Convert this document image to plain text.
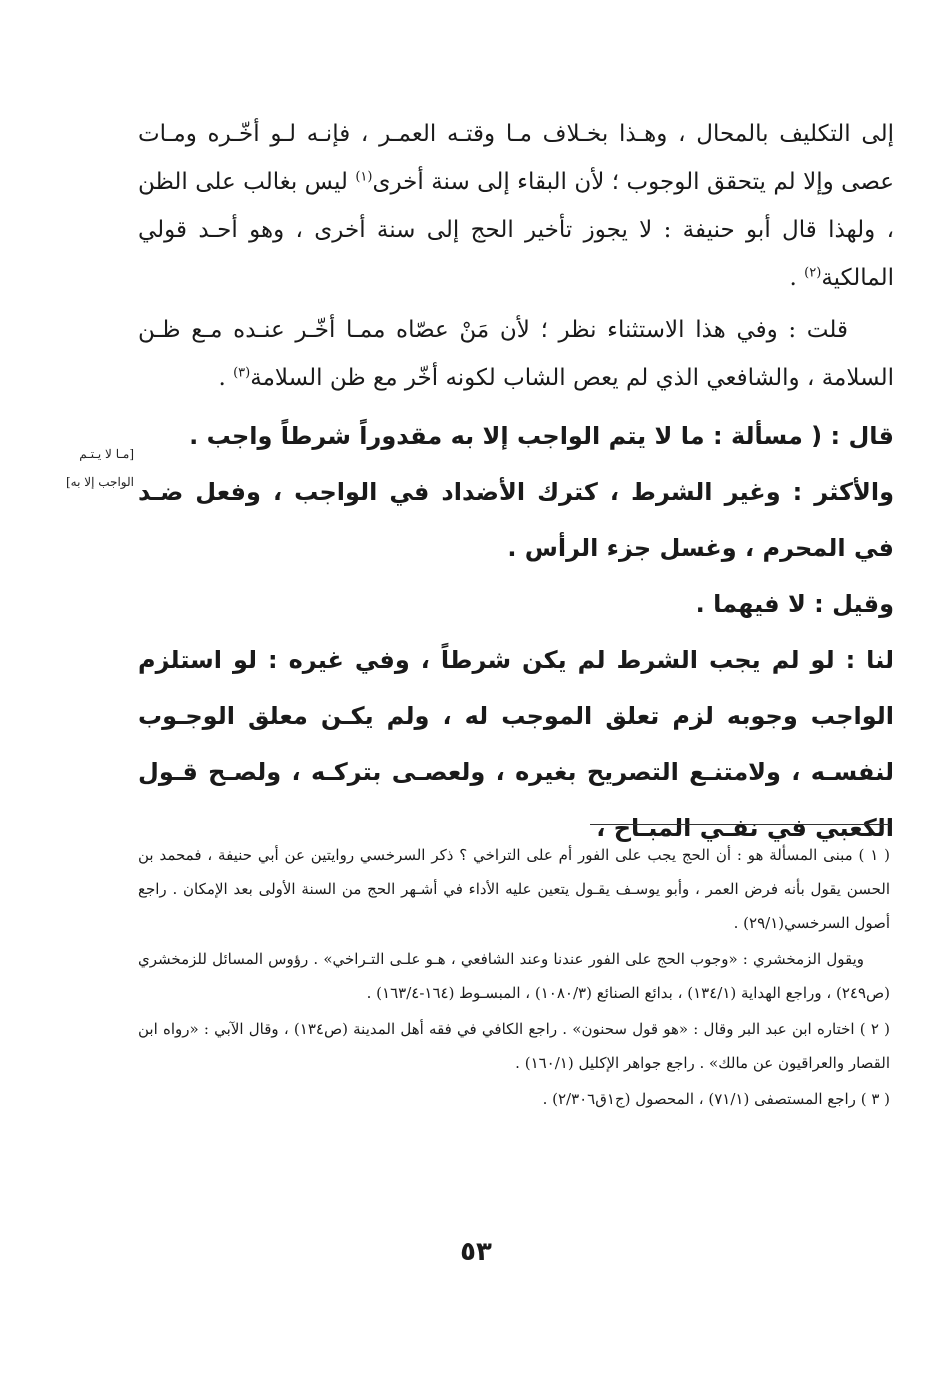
إلى التكليف بالمحال ، وهـذا بخـلاف مـا وقتـه العمـر ، فإنـه لـو أخّـره ومـات عصى وإلا لم يتحقق الوجوب ؛ لأن البقاء إلى سنة أخرى$^{(١)}$ ليس بغالب على الظن ، ولهذا قال أبو حنيفة : لا يجوز تأخير الحج إلى سنة أخرى ، وهو أحـد قولي المالكية$^{(٢)}$ .

قلت : وفي هذا الاستثناء نظر ؛ لأن مَنْ عصّاه ممـا أخّـر عنـده مـع ظـن السلامة ، والشافعي الذي لم يعص الشاب لكونه أخّر مع ظن السلامة$^{(٣)}$ .

قال : ( مسألة : ما لا يتم الواجب إلا به مقدوراً شرطاً واجب .

والأكثر : وغير الشرط ، كترك الأضداد في الواجب ، وفعل ضـد في المحرم ، وغسل جزء الرأس .

وقيل : لا فيهما .

لنا : لو لم يجب الشرط لم يكن شرطاً ، وفي غيره : لو استلزم الواجب وجوبه لزم تعلق الموجب له ، ولم يكـن معلق الوجـوب لنفسـه ، ولامتنـع التصريح بغيره ، ولعصـى بتركـه ، ولصـح قـول الكعبي في نفـي المبـاح ،

[مـا لا يـتـم
الواجب إلا به]

( ١ ) مبنى المسألة هو : أن الحج يجب على الفور أم على التراخي ؟ ذكر السرخسي روايتين عن أبي حنيفة ، فمحمد بن الحسن يقول بأنه فرض العمر ، وأبو يوسـف يقـول يتعين عليه الأداء في أشـهر الحج من السنة الأولى بعد الإمكان . راجع أصول السرخسي(٢٩/١) .

ويقول الزمخشري : «وجوب الحج على الفور عندنا وعند الشافعي ، هـو علـى التـراخي» . رؤوس المسائل للزمخشري (ص٢٤٩) ، وراجع الهداية (١٣٤/١) ، بدائع الصنائع (١٠٨٠/٣) ، المبسـوط (١٦٤-١٦٣/٤) .

( ٢ ) اختاره ابن عبد البر وقال : «هو قول سحنون» . راجع الكافي في فقه أهل المدينة (ص١٣٤) ، وقال الآبي : «رواه ابن القصار والعراقيون عن مالك» . راجع جواهر الإكليل (١٦٠/١) .

( ٣ ) راجع المستصفى (٧١/١) ، المحصول (ج١ق٢/٣٠٦) .

٥٣
